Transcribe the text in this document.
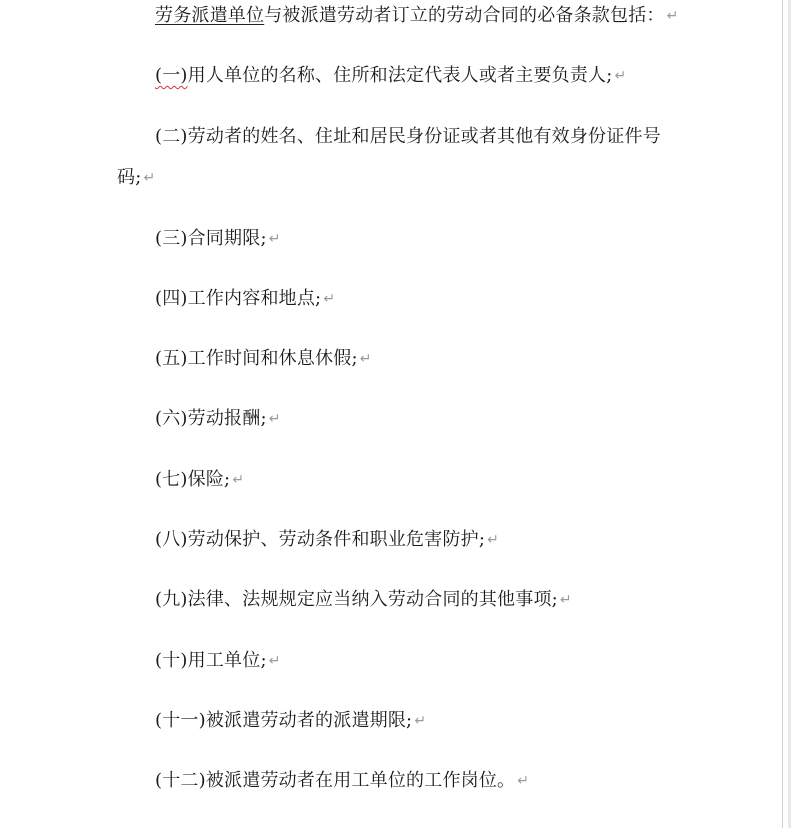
劳务派遣单位与被派遣劳动者订立的劳动合同的必备条款包括： ↵
(一)用人单位的名称、住所和法定代表人或者主要负责人; ↵
(二)劳动者的姓名、住址和居民身份证或者其他有效身份证件号
码; ↵
(三)合同期限; ↵
(四)工作内容和地点; ↵
(五)工作时间和休息休假; ↵
(六)劳动报酬; ↵
(七)保险; ↵
(八)劳动保护、劳动条件和职业危害防护; ↵
(九)法律、法规规定应当纳入劳动合同的其他事项; ↵
(十)用工单位; ↵
(十一)被派遣劳动者的派遣期限; ↵
(十二)被派遣劳动者在用工单位的工作岗位。 ↵
